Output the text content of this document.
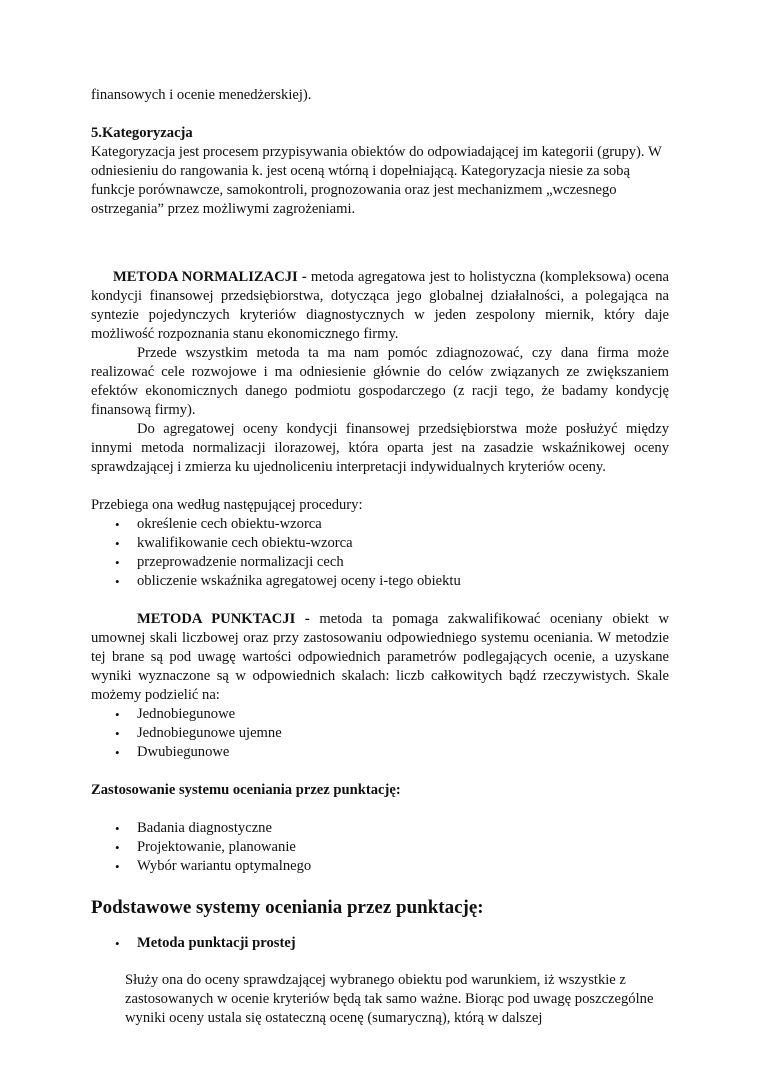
finansowych i ocenie menedżerskiej).

5.Kategoryzacja

Kategoryzacja jest procesem przypisywania obiektów do odpowiadającej im kategorii (grupy). W odniesieniu do rangowania k. jest oceną wtórną i dopełniającą. Kategoryzacja niesie za sobą funkcje porównawcze, samokontroli, prognozowania oraz jest mechanizmem „wczesnego ostrzegania” przez możliwymi zagrożeniami.

METODA NORMALIZACJI - metoda agregatowa jest to holistyczna (kompleksowa) ocena kondycji finansowej przedsiębiorstwa, dotycząca jego globalnej działalności, a polegająca na syntezie pojedynczych kryteriów diagnostycznych w jeden zespolony miernik, który daje możliwość rozpoznania stanu ekonomicznego firmy.

Przede wszystkim metoda ta ma nam pomóc zdiagnozować, czy dana firma może realizować cele rozwojowe i ma odniesienie głównie do celów związanych ze zwiększaniem efektów ekonomicznych danego podmiotu gospodarczego (z racji tego, że badamy kondycję finansową firmy).

Do agregatowej oceny kondycji finansowej przedsiębiorstwa może posłużyć między innymi metoda normalizacji ilorazowej, która oparta jest na zasadzie wskaźnikowej oceny sprawdzającej i zmierza ku ujednoliceniu interpretacji indywidualnych kryteriów oceny.

Przebiega ona według następującej procedury:

• określenie cech obiektu-wzorca
• kwalifikowanie cech obiektu-wzorca
• przeprowadzenie normalizacji cech
• obliczenie wskaźnika agregatowej oceny i-tego obiektu

METODA PUNKTACJI - metoda ta pomaga zakwalifikować oceniany obiekt w umownej skali liczbowej oraz przy zastosowaniu odpowiedniego systemu oceniania. W metodzie tej brane są pod uwagę wartości odpowiednich parametrów podlegających ocenie, a uzyskane wyniki wyznaczone są w odpowiednich skalach: liczb całkowitych bądź rzeczywistych. Skale możemy podzielić na:

• Jednobiegunowe
• Jednobiegunowe ujemne
• Dwubiegunowe

Zastosowanie systemu oceniania przez punktację:

• Badania diagnostyczne
• Projektowanie, planowanie
• Wybór wariantu optymalnego
Podstawowe systemy oceniania przez punktację:
• Metoda punktacji prostej

Służy ona do oceny sprawdzającej wybranego obiektu pod warunkiem, iż wszystkie z zastosowanych w ocenie kryteriów będą tak samo ważne. Biorąc pod uwagę poszczególne wyniki oceny ustala się ostateczną ocenę (sumaryczną), którą w dalszej
